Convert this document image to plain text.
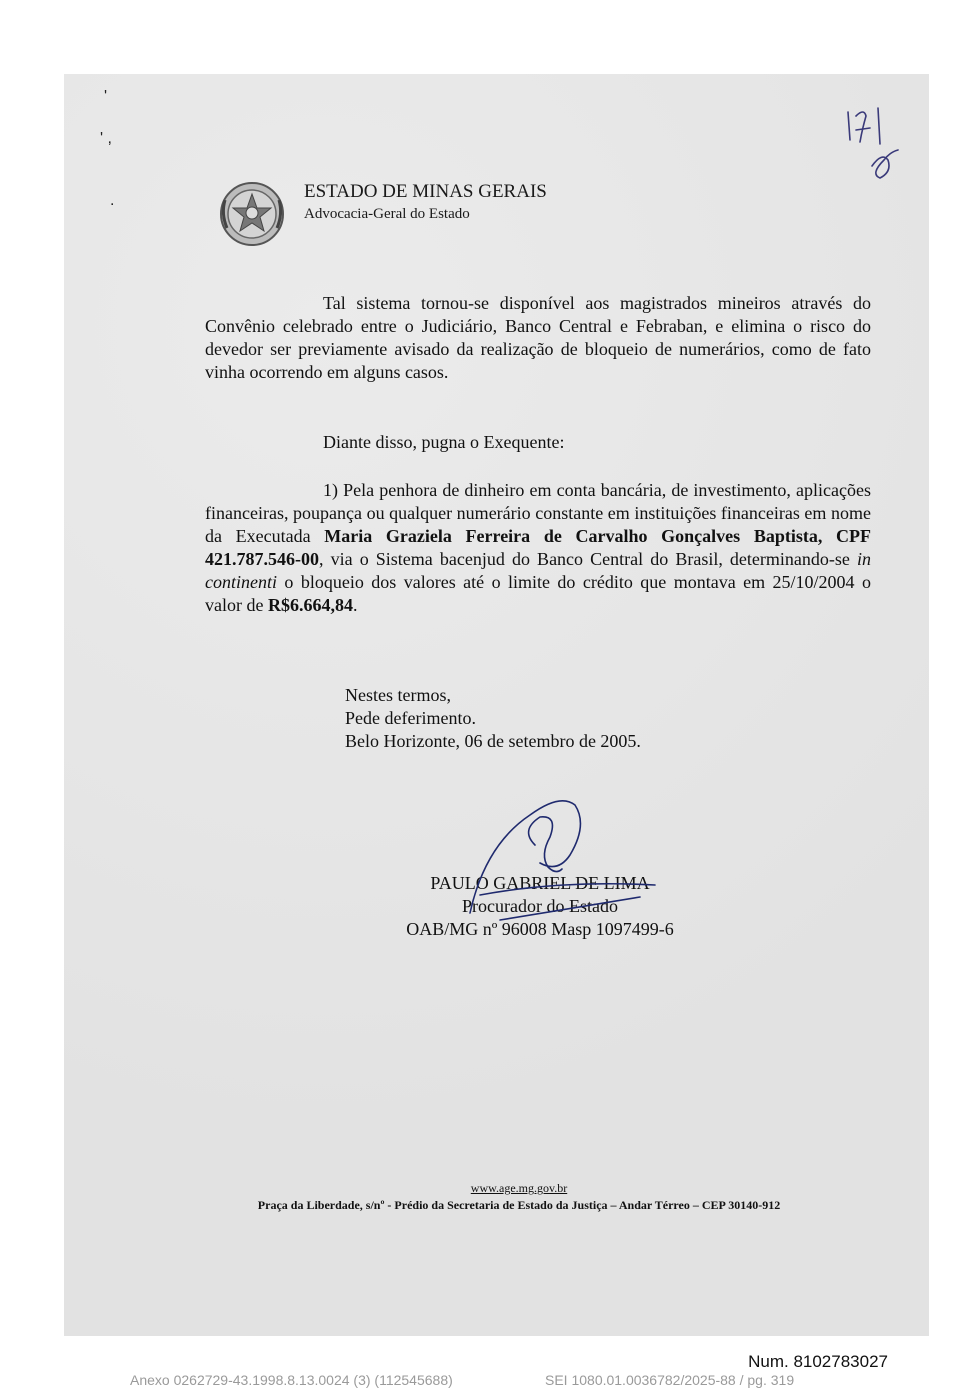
'
' ,
.	ESTADO DE MINAS GERAIS
Advocacia-Geral do Estado

Tal sistema tornou-se disponível aos magistrados mineiros através do Convênio celebrado entre o Judiciário, Banco Central e Febraban, e elimina o risco do devedor ser previamente avisado da realização de bloqueio de numerários, como de fato vinha ocorrendo em alguns casos.

Diante disso, pugna o Exequente:

1) Pela penhora de dinheiro em conta bancária, de investimento, aplicações financeiras, poupança ou qualquer numerário constante em instituições financeiras em nome da Executada Maria Graziela Ferreira de Carvalho Gonçalves Baptista, CPF 421.787.546-00, via o Sistema bacenjud do Banco Central do Brasil, determinando-se in continenti o bloqueio dos valores até o limite do crédito que montava em 25/10/2004 o valor de R$6.664,84.

Nestes termos,
Pede deferimento.
Belo Horizonte, 06 de setembro de 2005.
PAULO GABRIEL DE LIMA
Procurador do Estado
OAB/MG nº 96008 Masp 1097499-6
www.age.mg.gov.br
Praça da Liberdade, s/nº - Prédio da Secretaria de Estado da Justiça – Andar Térreo – CEP 30140-912
Num. 8102783027
Anexo 0262729-43.1998.8.13.0024 (3) (112545688)	SEI 1080.01.0036782/2025-88 / pg. 319
